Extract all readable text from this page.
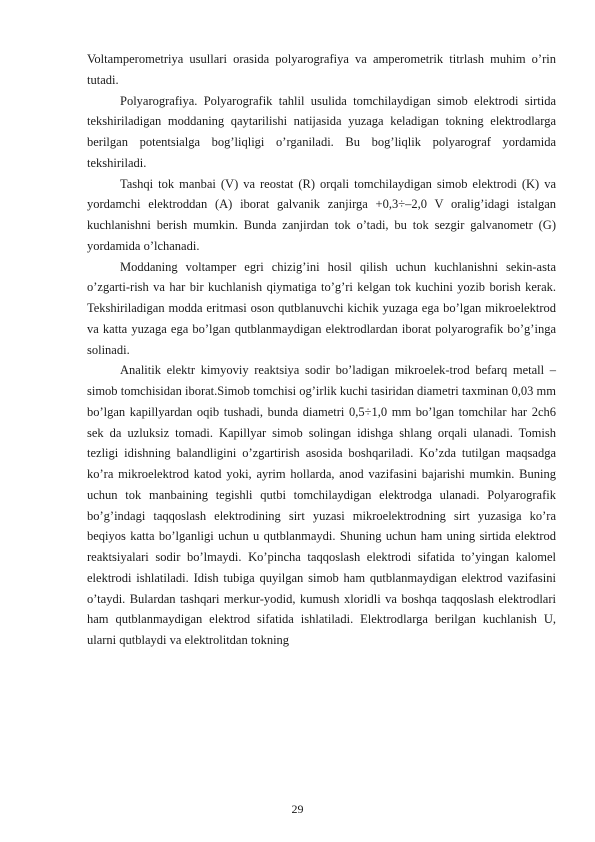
Voltamperometriya usullari orasida polyarografiya va amperometrik titrlash muhim o’rin tutadi.

Polyarografiya. Polyarografik tahlil usulida tomchilaydigan simob elektrodi sirtida tekshiriladigan moddaning qaytarilishi natijasida yuzaga keladigan tokning elektrodlarga berilgan potentsialga bog’liqligi o’rganiladi. Bu bog’liqlik polyarograf yordamida tekshiriladi.

Tashqi tok manbai (V) va reostat (R) orqali tomchilaydigan simob elektrodi (K) va yordamchi elektroddan (A) iborat galvanik zanjirga +0,3÷–2,0 V oralig’idagi istalgan kuchlanishni berish mumkin. Bunda zanjirdan tok o’tadi, bu tok sezgir galvanometr (G) yordamida o’lchanadi.

Moddaning voltamper egri chizig’ini hosil qilish uchun kuchlanishni sekin-asta o’zgarti-rish va har bir kuchlanish qiymatiga to’g’ri kelgan tok kuchini yozib borish kerak. Tekshiriladigan modda eritmasi oson qutblanuvchi kichik yuzaga ega bo’lgan mikroelektrod va katta yuzaga ega bo’lgan qutblanmaydigan elektrodlardan iborat polyarografik bo’g’inga solinadi.

Analitik elektr kimyoviy reaktsiya sodir bo’ladigan mikroelek-trod befarq metall – simob tomchisidan iborat.Simob tomchisi og’irlik kuchi tasiridan diametri taxminan 0,03 mm bo’lgan kapillyardan oqib tushadi, bunda diametri 0,5÷1,0 mm bo’lgan tomchilar har 2ch6 sek da uzluksiz tomadi. Kapillyar simob solingan idishga shlang orqali ulanadi. Tomish tezligi idishning balandligini o’zgartirish asosida boshqariladi. Ko’zda tutilgan maqsadga ko’ra mikroelektrod katod yoki, ayrim hollarda, anod vazifasini bajarishi mumkin. Buning uchun tok manbaining tegishli qutbi tomchilaydigan elektrodga ulanadi. Polyarografik bo’g’indagi taqqoslash elektrodining sirt yuzasi mikroelektrodning sirt yuzasiga ko’ra beqiyos katta bo’lganligi uchun u qutblanmaydi. Shuning uchun ham uning sirtida elektrod reaktsiyalari sodir bo’lmaydi. Ko’pincha taqqoslash elektrodi sifatida to’yingan kalomel elektrodi ishlatiladi. Idish tubiga quyilgan simob ham qutblanmaydigan elektrod vazifasini o’taydi. Bulardan tashqari merkur-yodid, kumush xloridli va boshqa taqqoslash elektrodlari ham qutblanmaydigan elektrod sifatida ishlatiladi. Elektrodlarga berilgan kuchlanish U, ularni qutblaydi va elektrolitdan tokning

29
